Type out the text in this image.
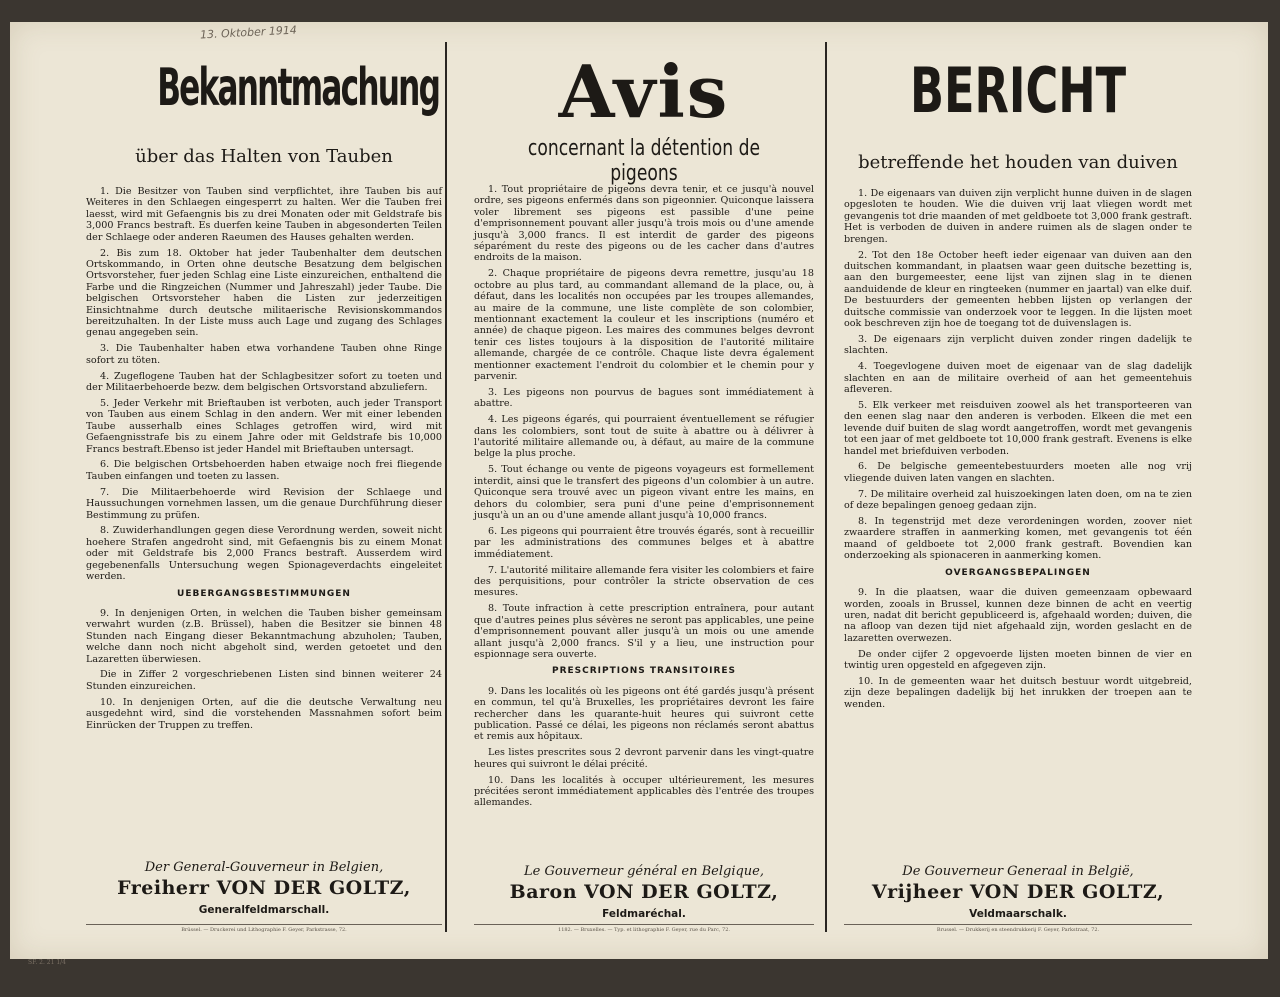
13. Oktober 1914
Bekanntmachung
über das Halten von Tauben

1. Die Besitzer von Tauben sind verpflichtet, ihre Tauben bis auf Weiteres in den Schlaegen eingesperrt zu halten. Wer die Tauben frei laesst, wird mit Gefaengnis bis zu drei Monaten oder mit Geldstrafe bis 3,000 Francs bestraft. Es duerfen keine Tauben in abgesonderten Teilen der Schlaege oder anderen Raeumen des Hauses gehalten werden.

2. Bis zum 18. Oktober hat jeder Taubenhalter dem deutschen Ortskommando, in Orten ohne deutsche Besatzung dem belgischen Ortsvorsteher, fuer jeden Schlag eine Liste einzureichen, enthaltend die Farbe und die Ringzeichen (Nummer und Jahreszahl) jeder Taube. Die belgischen Ortsvorsteher haben die Listen zur jederzeitigen Einsichtnahme durch deutsche militaerische Revisionskommandos bereitzuhalten. In der Liste muss auch Lage und zugang des Schlages genau angegeben sein.

3. Die Taubenhalter haben etwa vorhandene Tauben ohne Ringe sofort zu töten.

4. Zugeflogene Tauben hat der Schlagbesitzer sofort zu toeten und der Militaerbehoerde bezw. dem belgischen Ortsvorstand abzuliefern.

5. Jeder Verkehr mit Brieftauben ist verboten, auch jeder Transport von Tauben aus einem Schlag in den andern. Wer mit einer lebenden Taube ausserhalb eines Schlages getroffen wird, wird mit Gefaengnisstrafe bis zu einem Jahre oder mit Geldstrafe bis 10,000 Francs bestraft.Ebenso ist jeder Handel mit Brieftauben untersagt.

6. Die belgischen Ortsbehoerden haben etwaige noch frei fliegende Tauben einfangen und toeten zu lassen.

7. Die Militaerbehoerde wird Revision der Schlaege und Haussuchungen vornehmen lassen, um die genaue Durchführung dieser Bestimmung zu prüfen.

8. Zuwiderhandlungen gegen diese Verordnung werden, soweit nicht hoehere Strafen angedroht sind, mit Gefaengnis bis zu einem Monat oder mit Geldstrafe bis 2,000 Francs bestraft. Ausserdem wird gegebenenfalls Untersuchung wegen Spionageverdachts eingeleitet werden.

UEBERGANGSBESTIMMUNGEN

9. In denjenigen Orten, in welchen die Tauben bisher gemeinsam verwahrt wurden (z.B. Brüssel), haben die Besitzer sie binnen 48 Stunden nach Eingang dieser Bekanntmachung abzuholen; Tauben, welche dann noch nicht abgeholt sind, werden getoetet und den Lazaretten überwiesen.

Die in Ziffer 2 vorgeschriebenen Listen sind binnen weiterer 24 Stunden einzureichen.

10. In denjenigen Orten, auf die die deutsche Verwaltung neu ausgedehnt wird, sind die vorstehenden Massnahmen sofort beim Einrücken der Truppen zu treffen.

Der General-Gouverneur in Belgien,
Freiherr VON DER GOLTZ,
Generalfeldmarschall.
Brüssel. — Druckerei und Lithographie F. Geyer, Parkstrasse, 72.
Avis
concernant la détention de pigeons

1. Tout propriétaire de pigeons devra tenir, et ce jusqu'à nouvel ordre, ses pigeons enfermés dans son pigeonnier. Quiconque laissera voler librement ses pigeons est passible d'une peine d'emprisonnement pouvant aller jusqu'à trois mois ou d'une amende jusqu'à 3,000 francs. Il est interdit de garder des pigeons séparément du reste des pigeons ou de les cacher dans d'autres endroits de la maison.

2. Chaque propriétaire de pigeons devra remettre, jusqu'au 18 octobre au plus tard, au commandant allemand de la place, ou, à défaut, dans les localités non occupées par les troupes allemandes, au maire de la commune, une liste complète de son colombier, mentionnant exactement la couleur et les inscriptions (numéro et année) de chaque pigeon. Les maires des communes belges devront tenir ces listes toujours à la disposition de l'autorité militaire allemande, chargée de ce contrôle. Chaque liste devra également mentionner exactement l'endroit du colombier et le chemin pour y parvenir.

3. Les pigeons non pourvus de bagues sont immédiatement à abattre.

4. Les pigeons égarés, qui pourraient éventuellement se réfugier dans les colombiers, sont tout de suite à abattre ou à délivrer à l'autorité militaire allemande ou, à défaut, au maire de la commune belge la plus proche.

5. Tout échange ou vente de pigeons voyageurs est formellement interdit, ainsi que le transfert des pigeons d'un colombier à un autre. Quiconque sera trouvé avec un pigeon vivant entre les mains, en dehors du colombier, sera puni d'une peine d'emprisonnement jusqu'à un an ou d'une amende allant jusqu'à 10,000 francs.

6. Les pigeons qui pourraient être trouvés égarés, sont à recueillir par les administrations des communes belges et à abattre immédiatement.

7. L'autorité militaire allemande fera visiter les colombiers et faire des perquisitions, pour contrôler la stricte observation de ces mesures.

8. Toute infraction à cette prescription entraînera, pour autant que d'autres peines plus sévères ne seront pas applicables, une peine d'emprisonnement pouvant aller jusqu'à un mois ou une amende allant jusqu'à 2,000 francs. S'il y a lieu, une instruction pour espionnage sera ouverte.

PRESCRIPTIONS TRANSITOIRES

9. Dans les localités où les pigeons ont été gardés jusqu'à présent en commun, tel qu'à Bruxelles, les propriétaires devront les faire rechercher dans les quarante-huit heures qui suivront cette publication. Passé ce délai, les pigeons non réclamés seront abattus et remis aux hôpitaux.

Les listes prescrites sous 2 devront parvenir dans les vingt-quatre heures qui suivront le délai précité.

10. Dans les localités à occuper ultérieurement, les mesures précitées seront immédiatement applicables dès l'entrée des troupes allemandes.

Le Gouverneur général en Belgique,
Baron VON DER GOLTZ,
Feldmaréchal.
1182. — Bruxelles. — Typ. et lithographie F. Geyer, rue du Parc, 72.
BERICHT
betreffende het houden van duiven

1. De eigenaars van duiven zijn verplicht hunne duiven in de slagen opgesloten te houden. Wie die duiven vrij laat vliegen wordt met gevangenis tot drie maanden of met geldboete tot 3,000 frank gestraft. Het is verboden de duiven in andere ruimen als de slagen onder te brengen.

2. Tot den 18e October heeft ieder eigenaar van duiven aan den duitschen kommandant, in plaatsen waar geen duitsche bezetting is, aan den burgemeester, eene lijst van zijnen slag in te dienen aanduidende de kleur en ringteeken (nummer en jaartal) van elke duif. De bestuurders der gemeenten hebben lijsten op verlangen der duitsche commissie van onderzoek voor te leggen. In die lijsten moet ook beschreven zijn hoe de toegang tot de duivenslagen is.

3. De eigenaars zijn verplicht duiven zonder ringen dadelijk te slachten.

4. Toegevlogene duiven moet de eigenaar van de slag dadelijk slachten en aan de militaire overheid of aan het gemeentehuis afleveren.

5. Elk verkeer met reisduiven zoowel als het transporteeren van den eenen slag naar den anderen is verboden. Elkeen die met een levende duif buiten de slag wordt aangetroffen, wordt met gevangenis tot een jaar of met geldboete tot 10,000 frank gestraft. Evenens is elke handel met briefduiven verboden.

6. De belgische gemeentebestuurders moeten alle nog vrij vliegende duiven laten vangen en slachten.

7. De militaire overheid zal huiszoekingen laten doen, om na te zien of deze bepalingen genoeg gedaan zijn.

8. In tegenstrijd met deze verordeningen worden, zoover niet zwaardere straffen in aanmerking komen, met gevangenis tot één maand of geldboete tot 2,000 frank gestraft. Bovendien kan onderzoeking als spionaceren in aanmerking komen.

OVERGANGSBEPALINGEN

9. In die plaatsen, waar die duiven gemeenzaam opbewaard worden, zooals in Brussel, kunnen deze binnen de acht en veertig uren, nadat dit bericht gepubliceerd is, afgehaald worden; duiven, die na afloop van dezen tijd niet afgehaald zijn, worden geslacht en de lazaretten overwezen.

De onder cijfer 2 opgevoerde lijsten moeten binnen de vier en twintig uren opgesteld en afgegeven zijn.

10. In de gemeenten waar het duitsch bestuur wordt uitgebreid, zijn deze bepalingen dadelijk bij het inrukken der troepen aan te wenden.

De Gouverneur Generaal in België,
Vrijheer VON DER GOLTZ,
Veldmaarschalk.
Brussel. — Drukkerij en steendrukkerij F. Geyer, Parkstraat, 72.
SF. 2. 21 1/4
